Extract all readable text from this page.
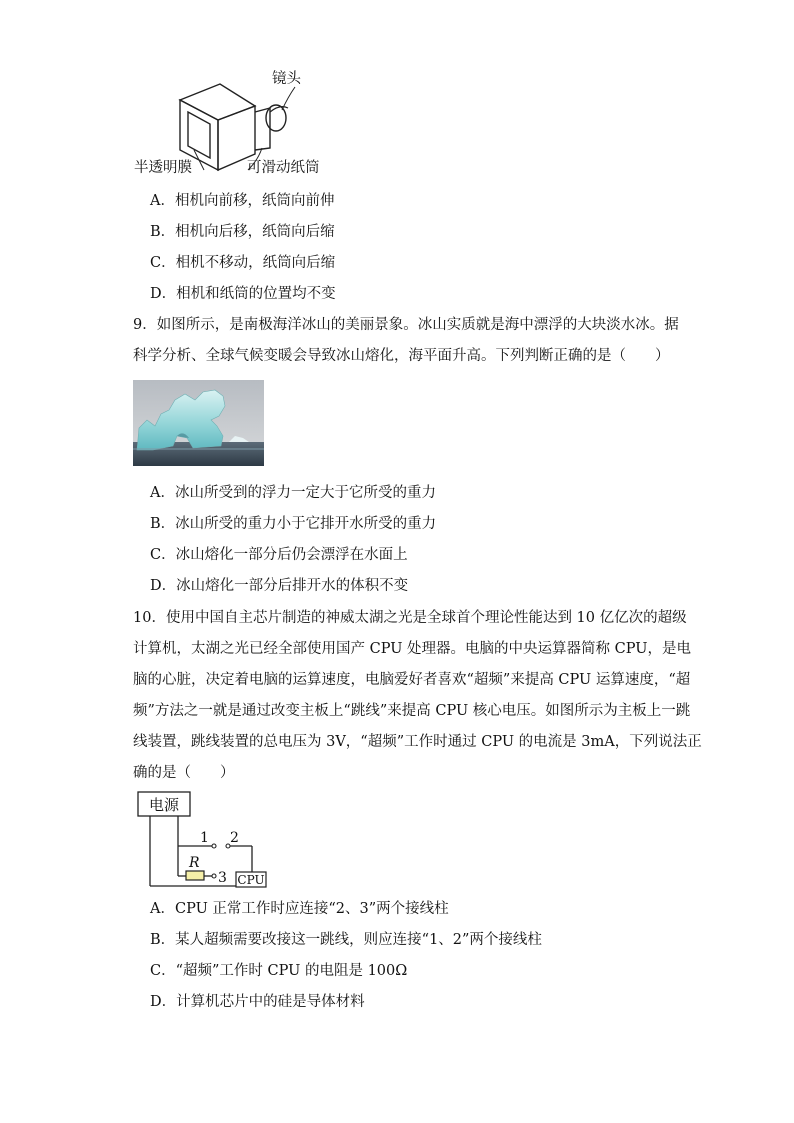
镜头
半透明膜	可滑动纸筒
A．相机向前移，纸筒向前伸
B．相机向后移，纸筒向后缩
C．相机不移动，纸筒向后缩
D．相机和纸筒的位置均不变
9．如图所示，是南极海洋冰山的美丽景象。冰山实质就是海中漂浮的大块淡水冰。据
科学分析、全球气候变暖会导致冰山熔化，海平面升高。下列判断正确的是（　　）
A．冰山所受到的浮力一定大于它所受的重力
B．冰山所受的重力小于它排开水所受的重力
C．冰山熔化一部分后仍会漂浮在水面上
D．冰山熔化一部分后排开水的体积不变
10．使用中国自主芯片制造的神威太湖之光是全球首个理论性能达到 10 亿亿次的超级
计算机，太湖之光已经全部使用国产 CPU 处理器。电脑的中央运算器简称 CPU，是电
脑的心脏，决定着电脑的运算速度，电脑爱好者喜欢“超频”来提高 CPU 运算速度，“超
频”方法之一就是通过改变主板上“跳线”来提高 CPU 核心电压。如图所示为主板上一跳
线装置，跳线装置的总电压为 3V，“超频”工作时通过 CPU 的电流是 3mA，下列说法正
确的是（　　）
电源
1 2
R
3 CPU
A．CPU 正常工作时应连接“2、3”两个接线柱
B．某人超频需要改接这一跳线，则应连接“1、2”两个接线柱
C．“超频”工作时 CPU 的电阻是 100Ω
D．计算机芯片中的硅是导体材料
